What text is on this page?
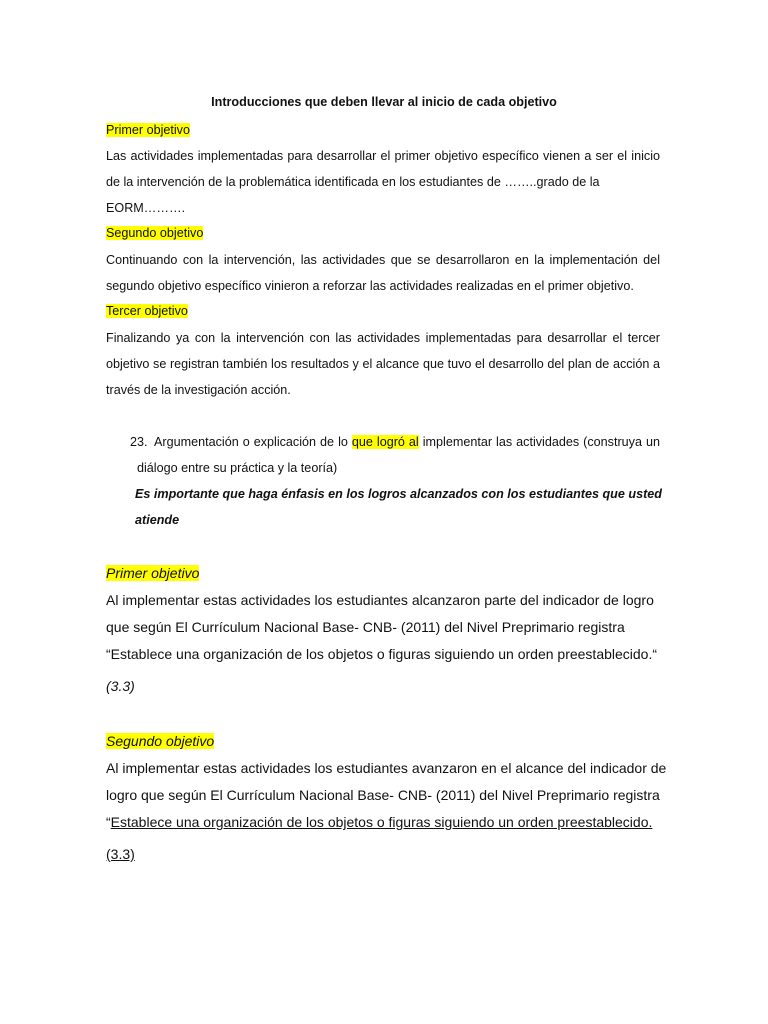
Introducciones que deben llevar al inicio de cada objetivo
Primer objetivo
Las actividades implementadas para desarrollar el primer objetivo específico vienen a ser el inicio
de la intervención de la problemática identificada en los estudiantes de ……..grado de la
EORM……….
Segundo objetivo
Continuando con la intervención, las actividades que se desarrollaron en la implementación del
segundo objetivo específico vinieron a reforzar las actividades realizadas en el primer objetivo.
Tercer objetivo
Finalizando ya con la intervención con las actividades implementadas para desarrollar el tercer
objetivo se registran también los resultados y el alcance que tuvo el desarrollo del plan de acción a
través de la investigación acción.
23. Argumentación o explicación de lo que logró al implementar las actividades (construya un
diálogo entre su práctica y la teoría)
Es importante que haga énfasis en los logros alcanzados con los estudiantes que usted
atiende
Primer objetivo
Al implementar estas actividades los estudiantes alcanzaron parte del indicador de logro
que según El Currículum Nacional Base- CNB- (2011) del Nivel Preprimario registra
“Establece una organización de los objetos o figuras siguiendo un orden preestablecido.“
(3.3)
Segundo objetivo
Al implementar estas actividades los estudiantes avanzaron en el alcance del indicador de
logro que según El Currículum Nacional Base- CNB- (2011) del Nivel Preprimario registra
“Establece una organización de los objetos o figuras siguiendo un orden preestablecido.
(3.3)
